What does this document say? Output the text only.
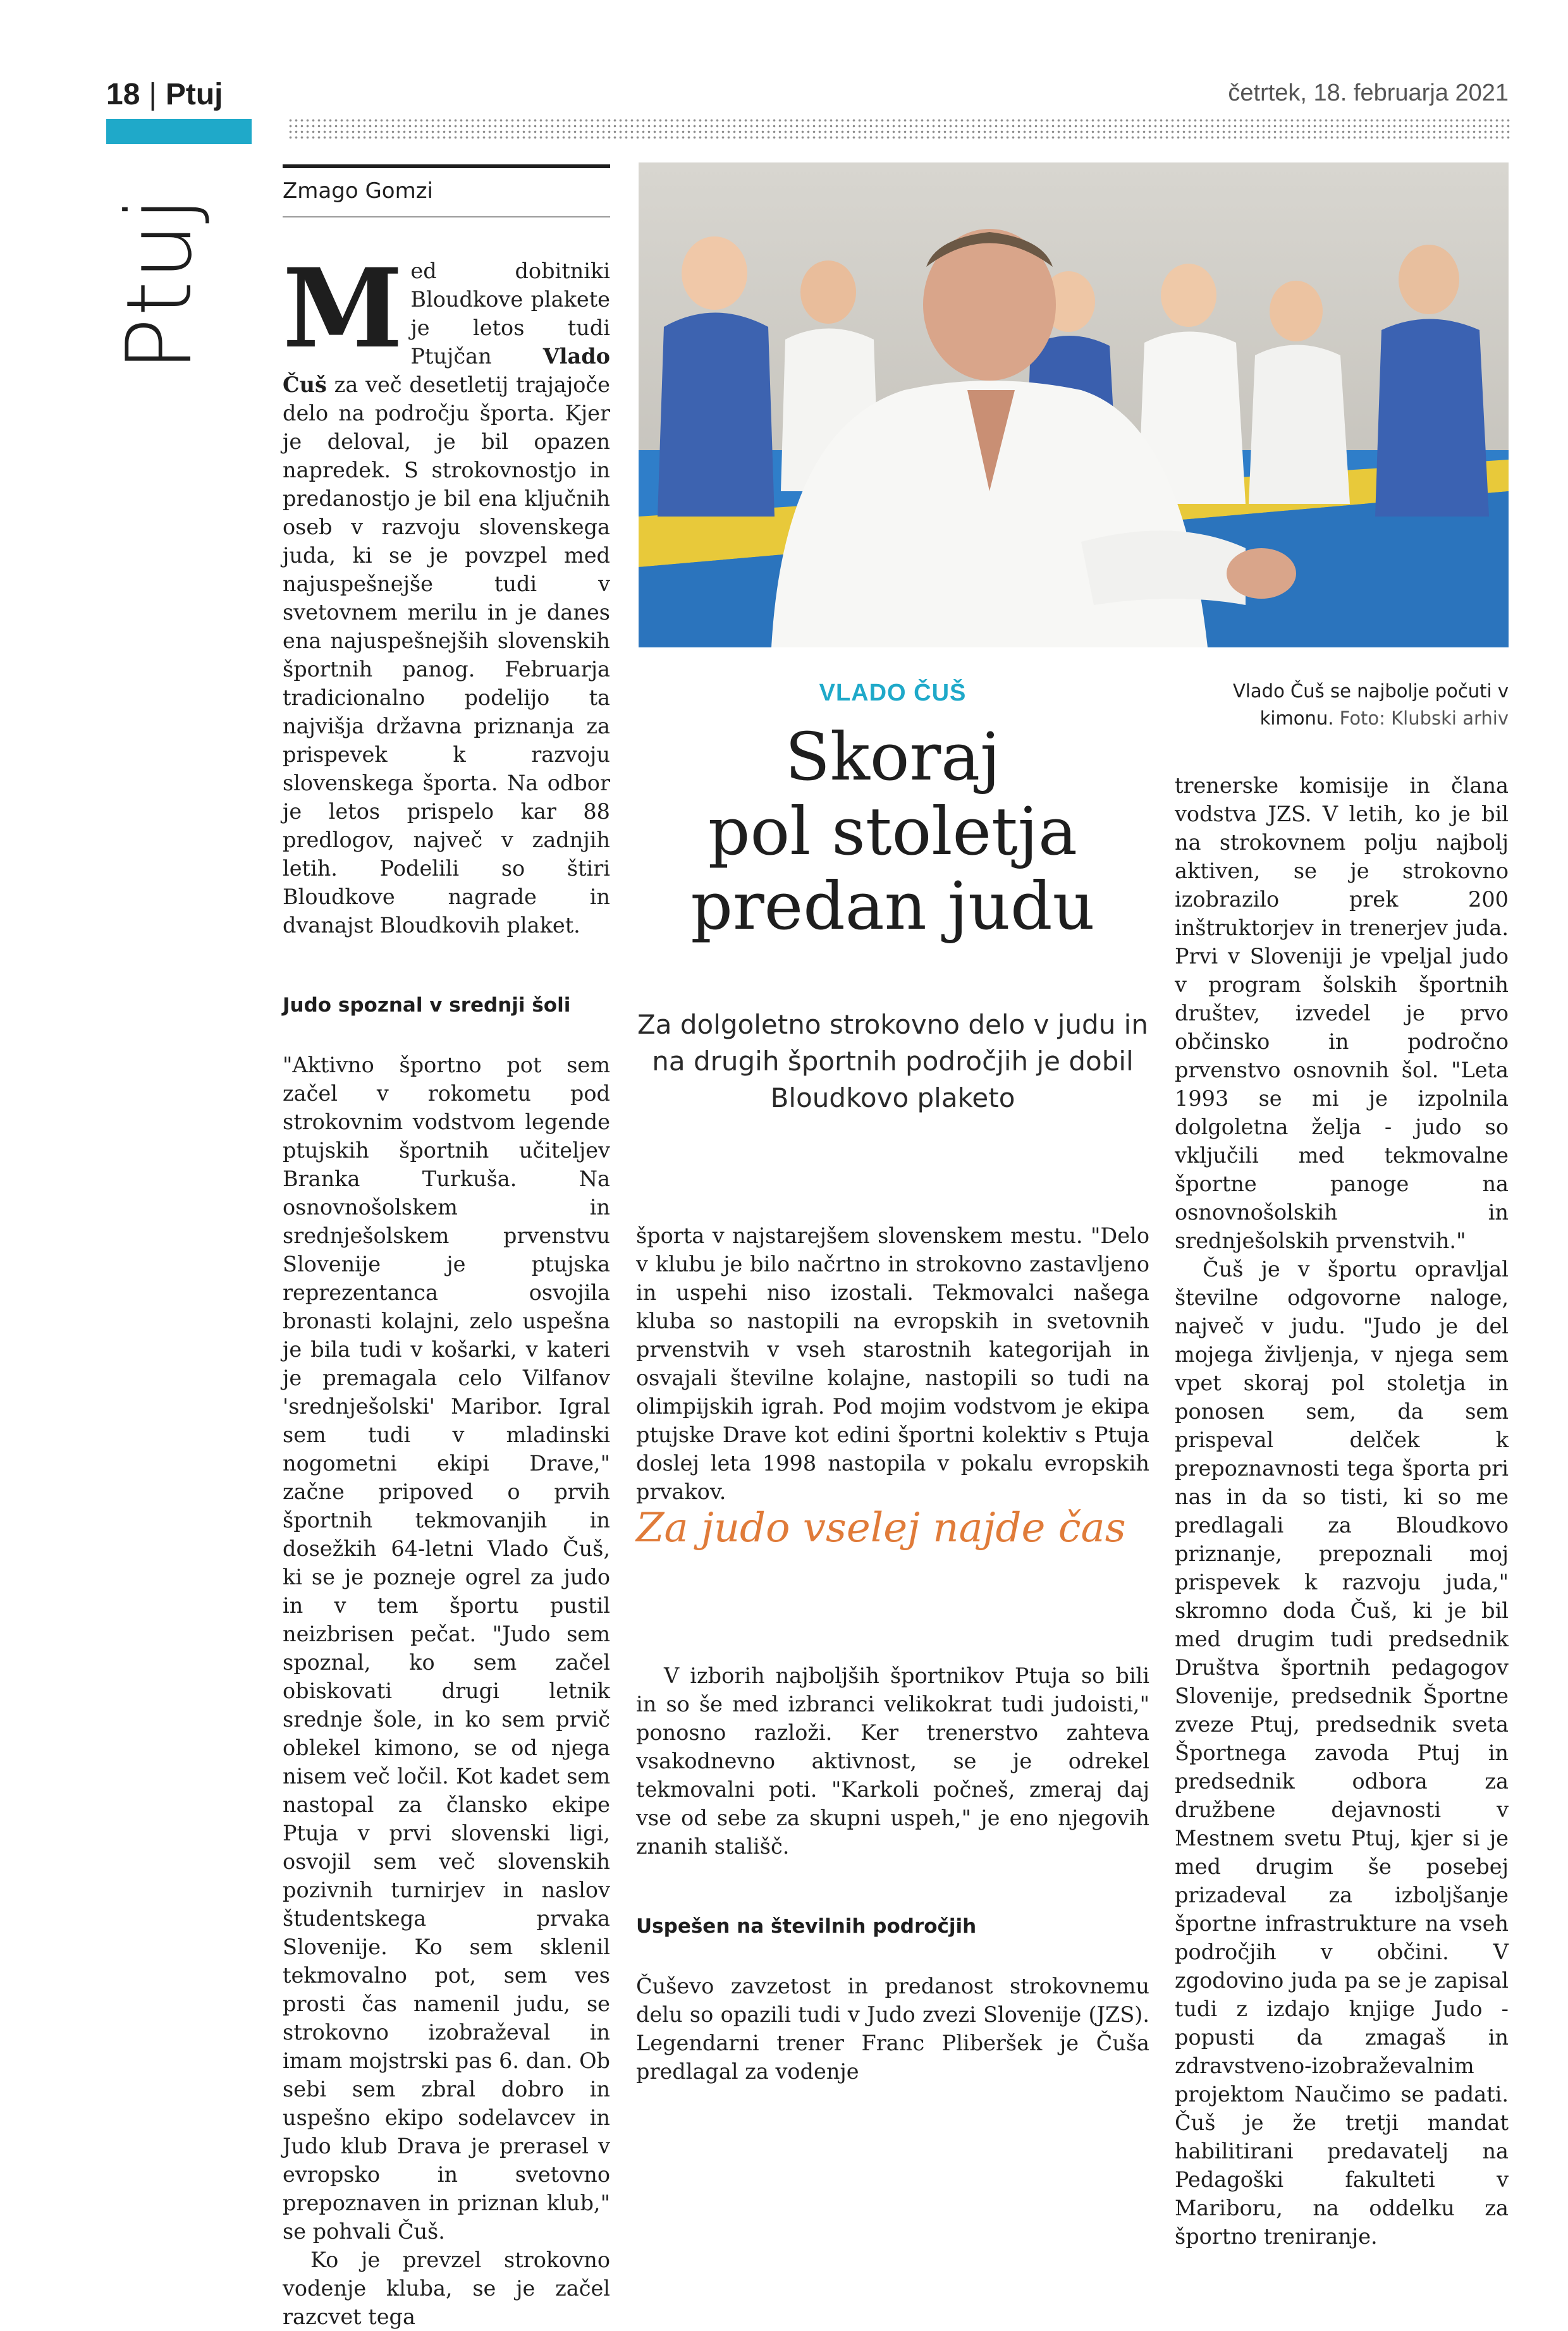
18 | Ptuj	četrtek, 18. februarja 2021
Ptuj
Zmago Gomzi

Med dobitniki Bloudkove plakete je letos tudi Ptujčan Vlado Čuš za več desetletij trajajoče delo na področju športa. Kjer je deloval, je bil opazen napredek. S strokovnostjo in predanostjo je bil ena ključnih oseb v razvoju slovenskega juda, ki se je povzpel med najuspešnejše tudi v svetovnem merilu in je danes ena najuspešnejših slovenskih športnih panog. Februarja tradicionalno podelijo ta najvišja državna priznanja za prispevek k razvoju slovenskega športa. Na odbor je letos prispelo kar 88 predlogov, največ v zadnjih letih. Podelili so štiri Bloudkove nagrade in dvanajst Bloudkovih plaket.

Judo spoznal v srednji šoli

"Aktivno športno pot sem začel v rokometu pod strokovnim vodstvom legende ptujskih športnih učiteljev Branka Turkuša. Na osnovnošolskem in srednješolskem prvenstvu Slovenije je ptujska reprezentanca osvojila bronasti kolajni, zelo uspešna je bila tudi v košarki, v kateri je premagala celo Vilfanov 'srednješolski' Maribor. Igral sem tudi v mladinski nogometni ekipi Drave," začne pripoved o prvih športnih tekmovanjih in dosežkih 64-letni Vlado Čuš, ki se je pozneje ogrel za judo in v tem športu pustil neizbrisen pečat. "Judo sem spoznal, ko sem začel obiskovati drugi letnik srednje šole, in ko sem prvič oblekel kimono, se od njega nisem več ločil. Kot kadet sem nastopal za člansko ekipe Ptuja v prvi slovenski ligi, osvojil sem več slovenskih pozivnih turnirjev in naslov študentskega prvaka Slovenije. Ko sem sklenil tekmovalno pot, sem ves prosti čas namenil judu, se strokovno izobraževal in imam mojstrski pas 6. dan. Ob sebi sem zbral dobro in uspešno ekipo sodelavcev in Judo klub Drava je prerasel v evropsko in svetovno prepoznaven in priznan klub," se pohvali Čuš.

Ko je prevzel strokovno vodenje kluba, se je začel razcvet tega

VLADO ČUŠ
Skoraj
pol stoletja
predan judu

Za dolgoletno strokovno delo v judu in na drugih športnih področjih je dobil Bloudkovo plaketo

Vlado Čuš se najbolje počuti v kimonu. Foto: Klubski arhiv

športa v najstarejšem slovenskem mestu. "Delo v klubu je bilo načrtno in strokovno zastavljeno in uspehi niso izostali. Tekmovalci našega kluba so nastopili na evropskih in svetovnih prvenstvih v vseh starostnih kategorijah in osvajali številne kolajne, nastopili so tudi na olimpijskih igrah. Pod mojim vodstvom je ekipa ptujske Drave kot edini športni kolektiv s Ptuja doslej leta 1998 nastopila v pokalu evropskih prvakov.

V izborih najboljših športnikov Ptuja so bili in so še med izbranci velikokrat tudi judoisti," ponosno razloži. Ker trenerstvo zahteva vsakodnevno aktivnost, se je odrekel tekmovalni poti. "Karkoli počneš, zmeraj daj vse od sebe za skupni uspeh," je eno njegovih znanih stališč.

Uspešen na številnih področjih

Čuševo zavzetost in predanost strokovnemu delu so opazili tudi v Judo zvezi Slovenije (JZS). Legendarni trener Franc Pliberšek je Čuša predlagal za vodenje

Za judo vselej najde čas

trenerske komisije in člana vodstva JZS. V letih, ko je bil na strokovnem polju najbolj aktiven, se je strokovno izobrazilo prek 200 inštruktorjev in trenerjev juda. Prvi v Sloveniji je vpeljal judo v program šolskih športnih društev, izvedel je prvo občinsko in področno prvenstvo osnovnih šol. "Leta 1993 se mi je izpolnila dolgoletna želja - judo so vključili med tekmovalne športne panoge na osnovnošolskih in srednješolskih prvenstvih."

Čuš je v športu opravljal številne odgovorne naloge, največ v judu. "Judo je del mojega življenja, v njega sem vpet skoraj pol stoletja in ponosen sem, da sem prispeval delček k prepoznavnosti tega športa pri nas in da so tisti, ki so me predlagali za Bloudkovo priznanje, prepoznali moj prispevek k razvoju juda," skromno doda Čuš, ki je bil med drugim tudi predsednik Društva športnih pedagogov Slovenije, predsednik Športne zveze Ptuj, predsednik sveta Športnega zavoda Ptuj in predsednik odbora za družbene dejavnosti v Mestnem svetu Ptuj, kjer si je med drugim še posebej prizadeval za izboljšanje športne infrastrukture na vseh področjih v občini. V zgodovino juda pa se je zapisal tudi z izdajo knjige Judo - popusti da zmagaš in zdravstveno-izobraževalnim projektom Naučimo se padati. Čuš je že tretji mandat habilitirani predavatelj na Pedagoški fakulteti v Mariboru, na oddelku za športno treniranje.
